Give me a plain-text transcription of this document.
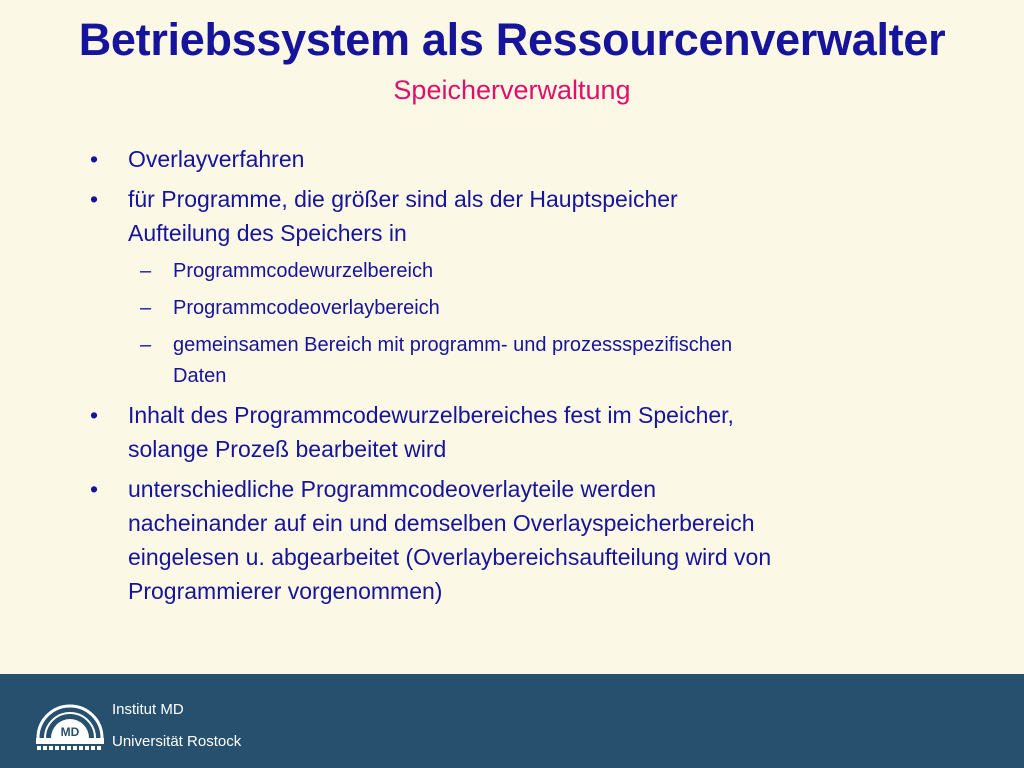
Betriebssystem als Ressourcenverwalter
Speicherverwaltung
• Overlayverfahren
• für Programme, die größer sind als der Hauptspeicher
Aufteilung des Speichers in
– Programmcodewurzelbereich
– Programmcodeoverlaybereich
– gemeinsamen Bereich mit programm- und prozessspezifischen
Daten
• Inhalt des Programmcodewurzelbereiches fest im Speicher,
solange Prozeß bearbeitet wird
• unterschiedliche Programmcodeoverlayteile werden
nacheinander auf ein und demselben Overlayspeicherbereich
eingelesen u. abgearbeitet (Overlaybereichsaufteilung wird von
Programmierer vorgenommen)
MD
Institut MD
Universität Rostock
